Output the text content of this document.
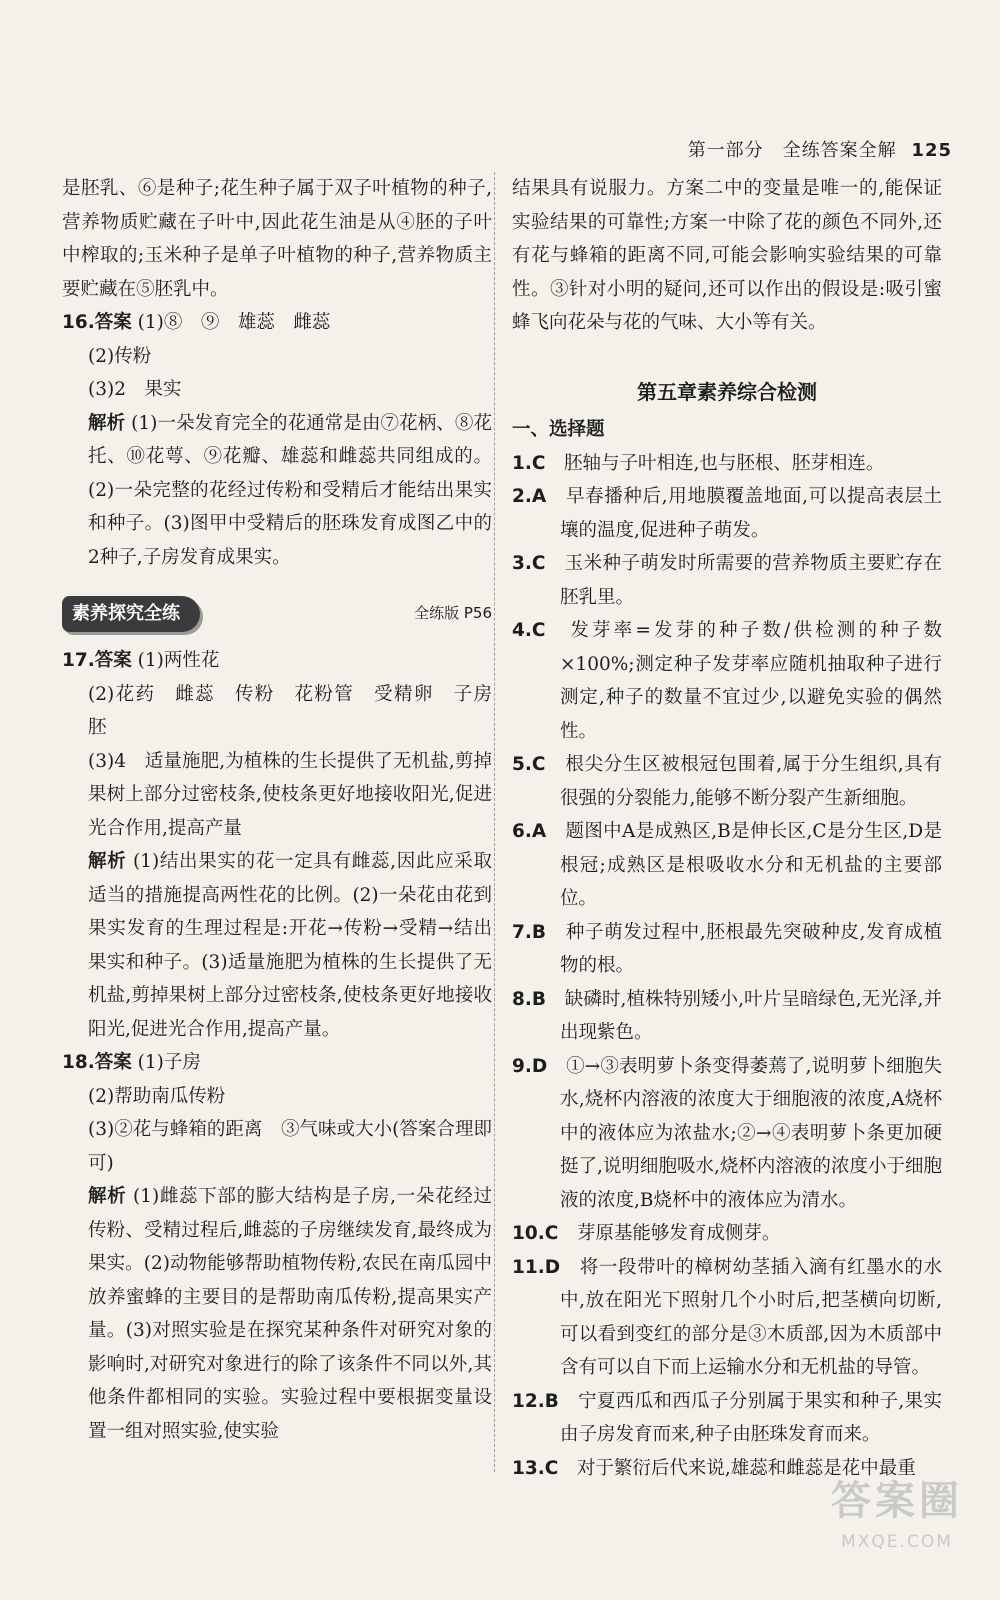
第一部分　全练答案全解 125

是胚乳、⑥是种子;花生种子属于双子叶植物的种子,营养物质贮藏在子叶中,因此花生油是从④胚的子叶中榨取的;玉米种子是单子叶植物的种子,营养物质主要贮藏在⑤胚乳中。

16.答案 (1)⑧　⑨　雄蕊　雌蕊

(2)传粉

(3)2　果实

解析 (1)一朵发育完全的花通常是由⑦花柄、⑧花托、⑩花萼、⑨花瓣、雄蕊和雌蕊共同组成的。(2)一朵完整的花经过传粉和受精后才能结出果实和种子。(3)图甲中受精后的胚珠发育成图乙中的2种子,子房发育成果实。

素养探究全练	全练版 P56

17.答案 (1)两性花

(2)花药　雌蕊　传粉　花粉管　受精卵　子房　胚

(3)4　适量施肥,为植株的生长提供了无机盐,剪掉果树上部分过密枝条,使枝条更好地接收阳光,促进光合作用,提高产量

解析 (1)结出果实的花一定具有雌蕊,因此应采取适当的措施提高两性花的比例。(2)一朵花由花到果实发育的生理过程是:开花→传粉→受精→结出果实和种子。(3)适量施肥为植株的生长提供了无机盐,剪掉果树上部分过密枝条,使枝条更好地接收阳光,促进光合作用,提高产量。

18.答案 (1)子房

(2)帮助南瓜传粉

(3)②花与蜂箱的距离　③气味或大小(答案合理即可)

解析 (1)雌蕊下部的膨大结构是子房,一朵花经过传粉、受精过程后,雌蕊的子房继续发育,最终成为果实。(2)动物能够帮助植物传粉,农民在南瓜园中放养蜜蜂的主要目的是帮助南瓜传粉,提高果实产量。(3)对照实验是在探究某种条件对研究对象的影响时,对研究对象进行的除了该条件不同以外,其他条件都相同的实验。实验过程中要根据变量设置一组对照实验,使实验

结果具有说服力。方案二中的变量是唯一的,能保证实验结果的可靠性;方案一中除了花的颜色不同外,还有花与蜂箱的距离不同,可能会影响实验结果的可靠性。③针对小明的疑问,还可以作出的假设是:吸引蜜蜂飞向花朵与花的气味、大小等有关。

第五章素养综合检测

一、选择题

1.C　 胚轴与子叶相连,也与胚根、胚芽相连。

2.A　 早春播种后,用地膜覆盖地面,可以提高表层土壤的温度,促进种子萌发。

3.C　 玉米种子萌发时所需要的营养物质主要贮存在胚乳里。

4.C　 发芽率=发芽的种子数/供检测的种子数×100%;测定种子发芽率应随机抽取种子进行测定,种子的数量不宜过少,以避免实验的偶然性。

5.C　 根尖分生区被根冠包围着,属于分生组织,具有很强的分裂能力,能够不断分裂产生新细胞。

6.A　 题图中A是成熟区,B是伸长区,C是分生区,D是根冠;成熟区是根吸收水分和无机盐的主要部位。

7.B　 种子萌发过程中,胚根最先突破种皮,发育成植物的根。

8.B　 缺磷时,植株特别矮小,叶片呈暗绿色,无光泽,并出现紫色。

9.D　 ①→③表明萝卜条变得萎蔫了,说明萝卜细胞失水,烧杯内溶液的浓度大于细胞液的浓度,A烧杯中的液体应为浓盐水;②→④表明萝卜条更加硬挺了,说明细胞吸水,烧杯内溶液的浓度小于细胞液的浓度,B烧杯中的液体应为清水。

10.C　 芽原基能够发育成侧芽。

11.D　 将一段带叶的樟树幼茎插入滴有红墨水的水中,放在阳光下照射几个小时后,把茎横向切断,可以看到变红的部分是③木质部,因为木质部中含有可以自下而上运输水分和无机盐的导管。

12.B　 宁夏西瓜和西瓜子分别属于果实和种子,果实由子房发育而来,种子由胚珠发育而来。

13.C　 对于繁衍后代来说,雄蕊和雌蕊是花中最重

答案圈
MXQE.COM
